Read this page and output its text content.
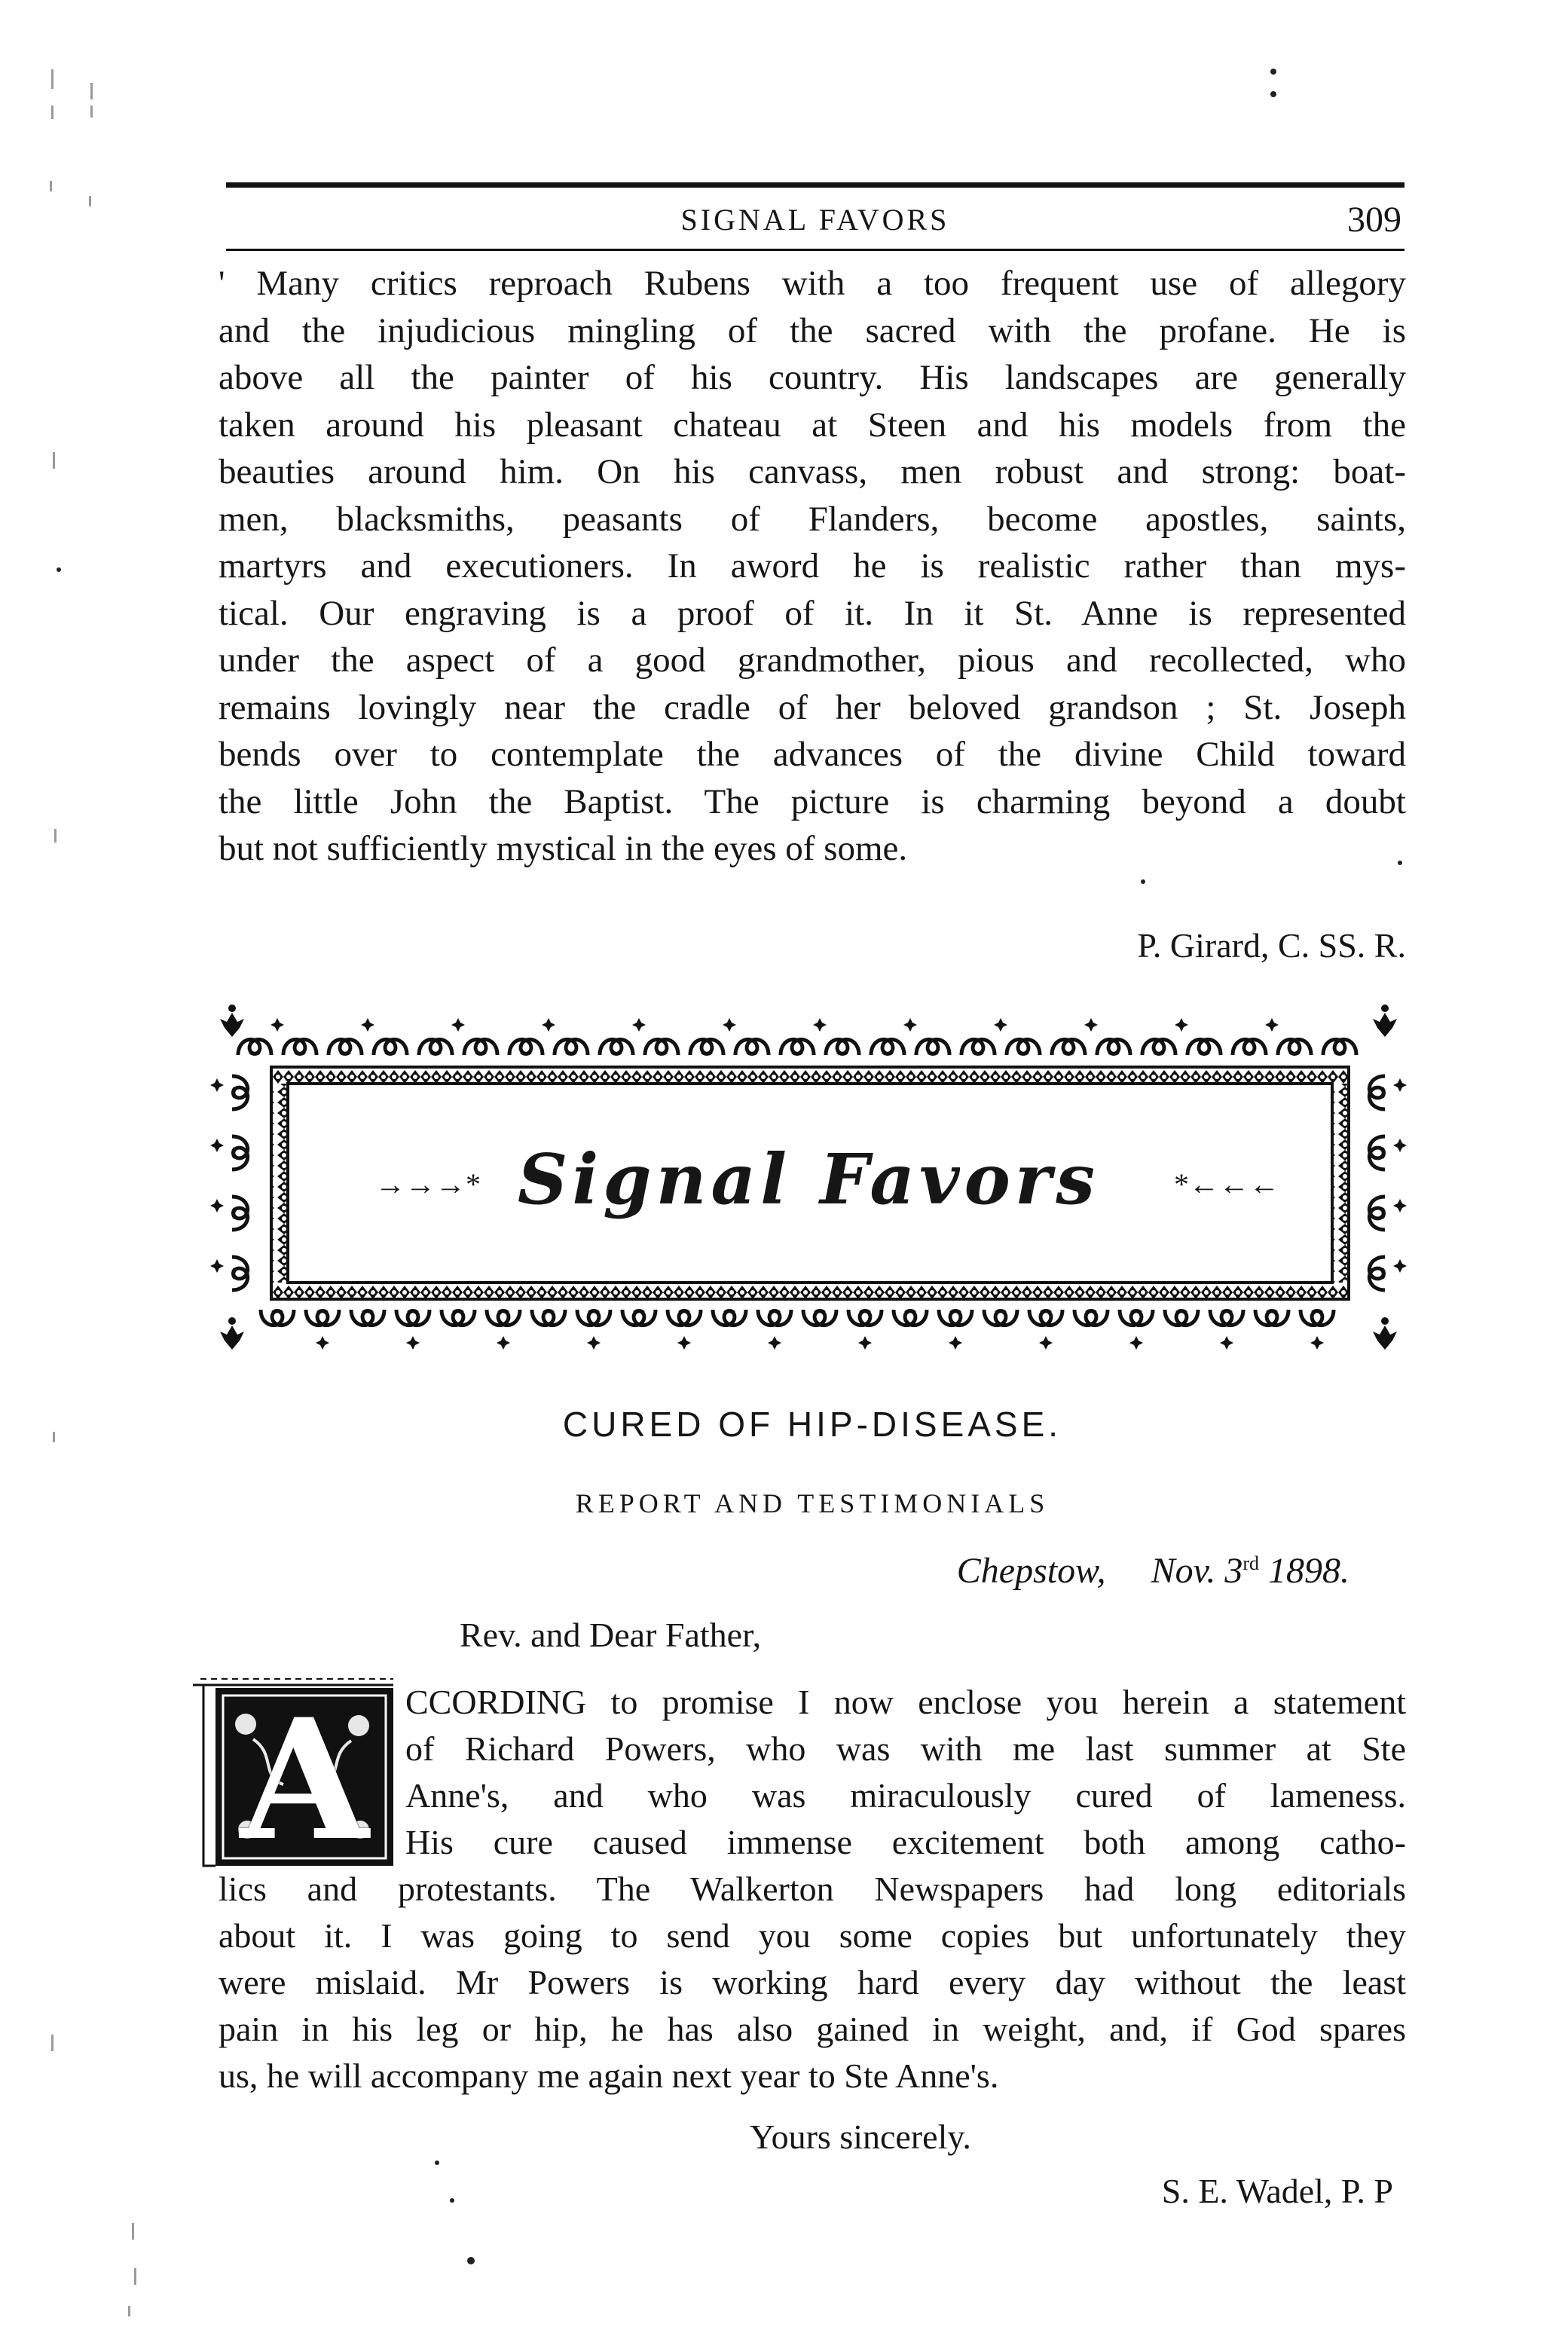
SIGNAL FAVORS	309
' Many critics reproach Rubens with a too frequent use of allegory
and the injudicious mingling of the sacred with the profane. He is
above all the painter of his country. His landscapes are generally
taken around his pleasant chateau at Steen and his models from the
beauties around him. On his canvass, men robust and strong: boat-
men, blacksmiths, peasants of Flanders, become apostles, saints,
martyrs and executioners. In aword he is realistic rather than mys-
tical. Our engraving is a proof of it. In it St. Anne is represented
under the aspect of a good grandmother, pious and recollected, who
remains lovingly near the cradle of her beloved grandson ; St. Joseph
bends over to contemplate the advances of the divine Child toward
the little John the Baptist. The picture is charming beyond a doubt
but not sufficiently mystical in the eyes of some.
P. Girard, C. SS. R.
→→→* Signal Favors	*←←←
CURED OF HIP-DISEASE.
REPORT AND TESTIMONIALS
Chepstow, Nov. 3rd 1898.
Rev. and Dear Father,
A	CCORDING to promise I now enclose you herein a statement
of Richard Powers, who was with me last summer at Ste
Anne's, and who was miraculously cured of lameness.
His cure caused immense excitement both among catho-
lics and protestants. The Walkerton Newspapers had long editorials
about it. I was going to send you some copies but unfortunately they
were mislaid. Mr Powers is working hard every day without the least
pain in his leg or hip, he has also gained in weight, and, if God spares
us, he will accompany me again next year to Ste Anne's.
Yours sincerely.
S. E. Wadel, P. P
